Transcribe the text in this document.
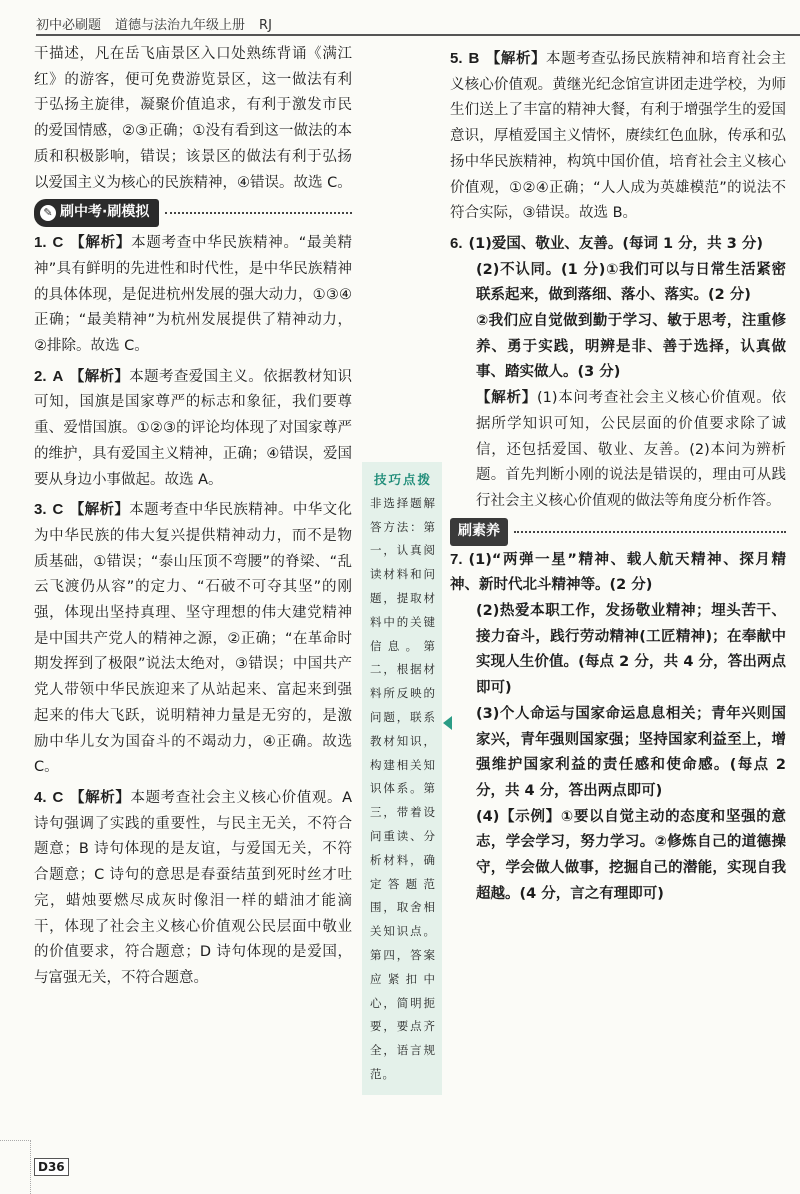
初中必刷题 道德与法治九年级上册 RJ

干描述，凡在岳飞庙景区入口处熟练背诵《满江红》的游客，便可免费游览景区，这一做法有利于弘扬主旋律，凝聚价值追求，有利于激发市民的爱国情感，②③正确；①没有看到这一做法的本质和积极影响，错误；该景区的做法有利于弘扬以爱国主义为核心的民族精神，④错误。故选 C。

✎ 刷中考·刷模拟

1. C 【解析】本题考查中华民族精神。“最美精神”具有鲜明的先进性和时代性，是中华民族精神的具体体现，是促进杭州发展的强大动力，①③④正确；“最美精神”为杭州发展提供了精神动力，②排除。故选 C。

2. A 【解析】本题考查爱国主义。依据教材知识可知，国旗是国家尊严的标志和象征，我们要尊重、爱惜国旗。①②③的评论均体现了对国家尊严的维护，具有爱国主义精神，正确；④错误，爱国要从身边小事做起。故选 A。

3. C 【解析】本题考查中华民族精神。中华文化为中华民族的伟大复兴提供精神动力，而不是物质基础，①错误；“泰山压顶不弯腰”的脊梁、“乱云飞渡仍从容”的定力、“石破不可夺其坚”的刚强，体现出坚持真理、坚守理想的伟大建党精神是中国共产党人的精神之源，②正确；“在革命时期发挥到了极限”说法太绝对，③错误；中国共产党人带领中华民族迎来了从站起来、富起来到强起来的伟大飞跃，说明精神力量是无穷的，是激励中华儿女为国奋斗的不竭动力，④正确。故选 C。

4. C 【解析】本题考查社会主义核心价值观。A 诗句强调了实践的重要性，与民主无关，不符合题意；B 诗句体现的是友谊，与爱国无关，不符合题意；C 诗句的意思是春蚕结茧到死时丝才吐完，蜡烛要燃尽成灰时像泪一样的蜡油才能滴干，体现了社会主义核心价值观公民层面中敬业的价值要求，符合题意；D 诗句体现的是爱国，与富强无关，不符合题意。

技巧点拨
非选择题解答方法：第一，认真阅读材料和问题，提取材料中的关键信息。第二，根据材料所反映的问题，联系教材知识，构建相关知识体系。第三，带着设问重读、分析材料，确定答题范围，取舍相关知识点。第四，答案应紧扣中心，简明扼要，要点齐全，语言规范。

5. B 【解析】本题考查弘扬民族精神和培育社会主义核心价值观。黄继光纪念馆宣讲团走进学校，为师生们送上了丰富的精神大餐，有利于增强学生的爱国意识，厚植爱国主义情怀，赓续红色血脉，传承和弘扬中华民族精神，构筑中国价值，培育社会主义核心价值观，①②④正确；“人人成为英雄模范”的说法不符合实际，③错误。故选 B。

6. (1)爱国、敬业、友善。(每词 1 分，共 3 分)

(2)不认同。(1 分)①我们可以与日常生活紧密联系起来，做到落细、落小、落实。(2 分)

②我们应自觉做到勤于学习、敏于思考，注重修养、勇于实践，明辨是非、善于选择，认真做事、踏实做人。(3 分)

【解析】(1)本问考查社会主义核心价值观。依据所学知识可知，公民层面的价值要求除了诚信，还包括爱国、敬业、友善。(2)本问为辨析题。首先判断小刚的说法是错误的，理由可从践行社会主义核心价值观的做法等角度分析作答。

刷素养

7. (1)“两弹一星”精神、载人航天精神、探月精神、新时代北斗精神等。(2 分)

(2)热爱本职工作，发扬敬业精神；埋头苦干、接力奋斗，践行劳动精神(工匠精神)；在奉献中实现人生价值。(每点 2 分，共 4 分，答出两点即可)

(3)个人命运与国家命运息息相关；青年兴则国家兴，青年强则国家强；坚持国家利益至上，增强维护国家利益的责任感和使命感。(每点 2 分，共 4 分，答出两点即可)

(4)【示例】①要以自觉主动的态度和坚强的意志，学会学习，努力学习。②修炼自己的道德操守，学会做人做事，挖掘自己的潜能，实现自我超越。(4 分，言之有理即可)

D36
